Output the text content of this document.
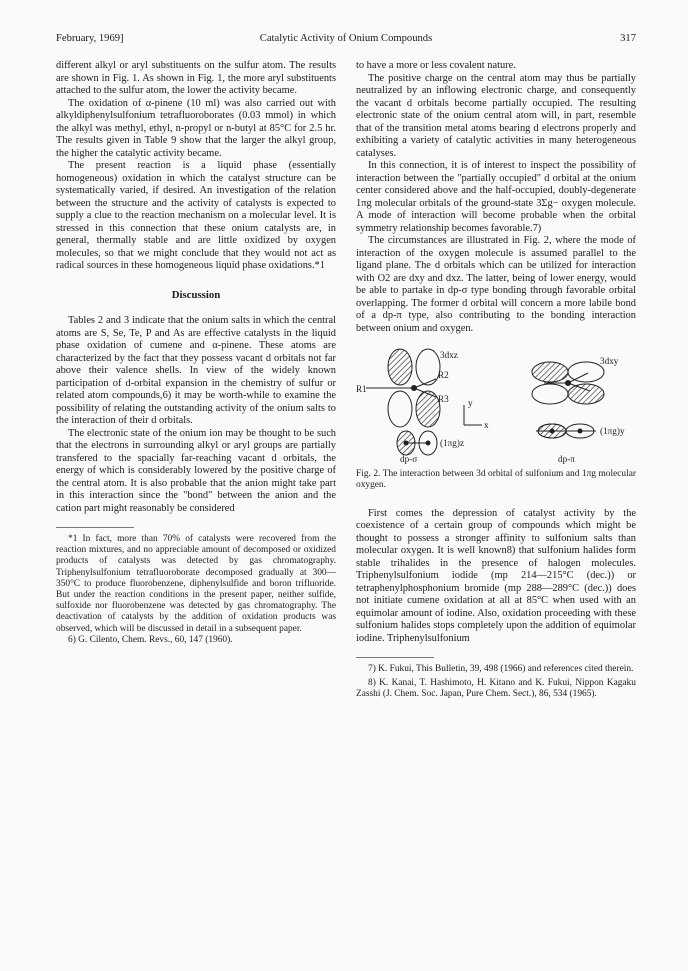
February, 1969]	Catalytic Activity of Onium Compounds	317

different alkyl or aryl substituents on the sulfur atom. The results are shown in Fig. 1. As shown in Fig. 1, the more aryl substituents attached to the sulfur atom, the lower the activity became.

The oxidation of α-pinene (10 ml) was also carried out with alkyldiphenylsulfonium tetrafluoroborates (0.03 mmol) in which the alkyl was methyl, ethyl, n-propyl or n-butyl at 85°C for 2.5 hr. The results given in Table 9 show that the larger the alkyl group, the higher the catalytic activity became.

The present reaction is a liquid phase (essentially homogeneous) oxidation in which the catalyst structure can be systematically varied, if desired. An investigation of the relation between the structure and the activity of catalysts is expected to supply a clue to the reaction mechanism on a molecular level. It is stressed in this connection that these onium catalysts are, in general, thermally stable and are little oxidized by oxygen molecules, so that we might conclude that they would not act as radical sources in these homogeneous liquid phase oxidations.*1

Discussion

Tables 2 and 3 indicate that the onium salts in which the central atoms are S, Se, Te, P and As are effective catalysts in the liquid phase oxidation of cumene and α-pinene. These atoms are characterized by the fact that they possess vacant d orbitals not far above their valence shells. In view of the widely known participation of d-orbital expansion in the chemistry of sulfur or related atom compounds,6) it may be worth-while to examine the possibility of relating the outstanding activity of the onium salts to the interaction of their d orbitals.

The electronic state of the onium ion may be thought to be such that the electrons in surrounding alkyl or aryl groups are partially transfered to the spacially far-reaching vacant d orbitals, the energy of which is considerably lowered by the positive charge of the central atom. It is also probable that the anion might take part in this interaction since the "bond" between the anion and the cation part might reasonably be considered

*1 In fact, more than 70% of catalysts were recovered from the reaction mixtures, and no appreciable amount of decomposed or oxidized products of catalysts was detected by gas chromatography. Triphenylsulfonium tetrafluoroborate decomposed gradually at 300—350°C to produce fluorobenzene, diphenylsulfide and boron trifluoride. But under the reaction conditions in the present paper, neither sulfide, sulfoxide nor fluorobenzene was detected by gas chromatography. The deactivation of catalysts by the addition of oxidation products was observed, which will be discussed in detail in a subsequent paper.

6) G. Cilento, Chem. Revs., 60, 147 (1960).

to have a more or less covalent nature.

The positive charge on the central atom may thus be partially neutralized by an inflowing electronic charge, and consequently the vacant d orbitals become partially occupied. The resulting electronic state of the onium central atom will, in part, resemble that of the transition metal atoms bearing d electrons properly and exhibiting a variety of catalytic activities in many heterogeneous catalyses.

In this connection, it is of interest to inspect the possibility of interaction between the "partially occupied" d orbital at the onium center considered above and the half-occupied, doubly-degenerate 1πg molecular orbitals of the ground-state 3Σg− oxygen molecule. A mode of interaction will become probable when the orbital symmetry relationship becomes favorable.7)

The circumstances are illustrated in Fig. 2, where the mode of interaction of the oxygen molecule is assumed parallel to the ligand plane. The d orbitals which can be utilized for interaction with O2 are dxy and dxz. The latter, being of lower energy, would be able to partake in dp-σ type bonding through favorable orbital overlapping. The former d orbital will concern a more labile bond of a dp-π type, also contributing to the bonding interaction between onium and oxygen.

3dxz
3dxy
R1
R2
R3 y
x
(1πg)z
(1πg)y
dp-σ	dp-π

Fig. 2. The interaction between 3d orbital of sulfonium and 1πg molecular oxygen.

First comes the depression of catalyst activity by the coexistence of a certain group of compounds which might be thought to possess a stronger affinity to sulfonium salts than molecular oxygen. It is well known8) that sulfonium halides form stable trihalides in the presence of halogen molecules. Triphenylsulfonium iodide (mp 214—215°C (dec.)) or tetraphenylphosphonium bromide (mp 288—289°C (dec.)) does not initiate cumene oxidation at all at 85°C when used with an equimolar amount of iodine. Also, oxidation proceeding with these sulfonium halides stops completely upon the addition of equimolar iodine. Triphenylsulfonium

7) K. Fukui, This Bulletin, 39, 498 (1966) and references cited therein.

8) K. Kanai, T. Hashimoto, H. Kitano and K. Fukui, Nippon Kagaku Zasshi (J. Chem. Soc. Japan, Pure Chem. Sect.), 86, 534 (1965).
